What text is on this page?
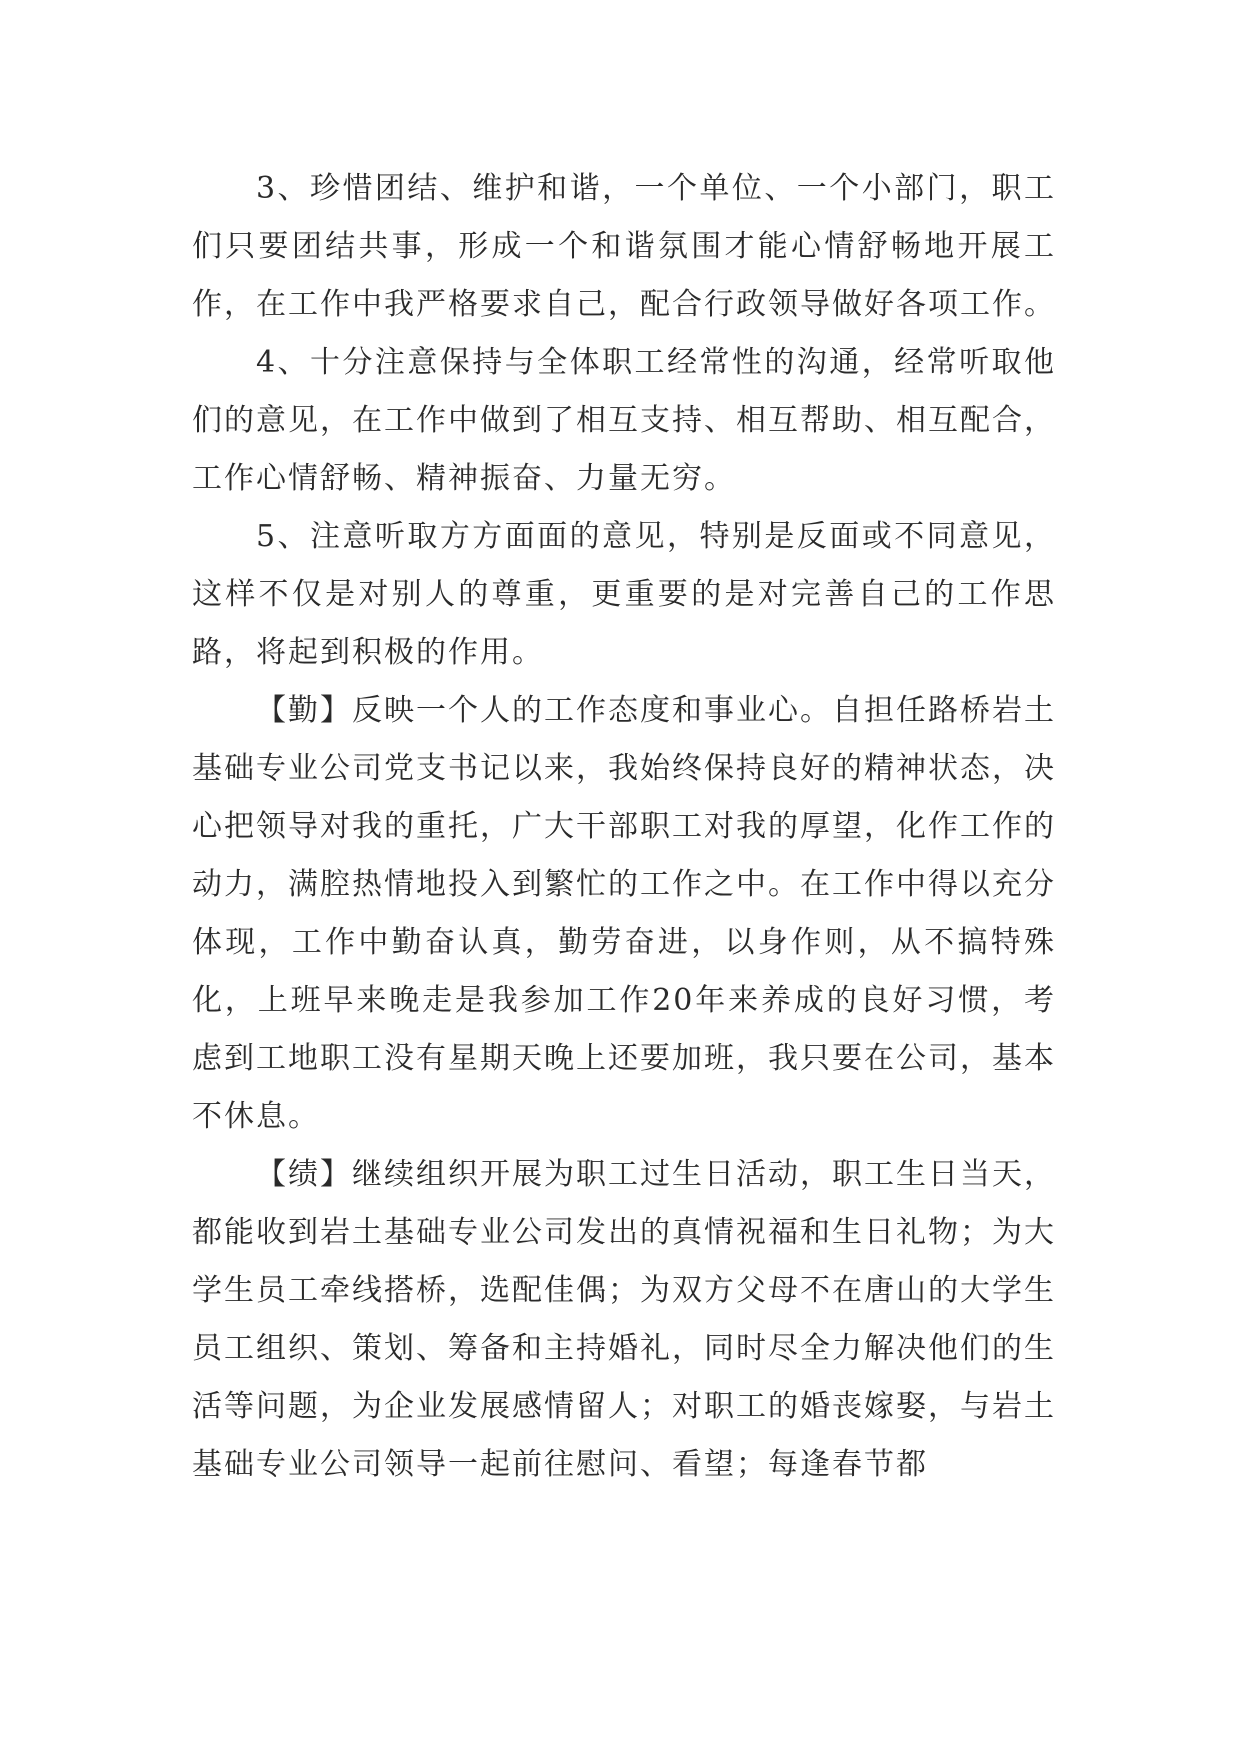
3、珍惜团结、维护和谐，一个单位、一个小部门，职工们只要团结共事，形成一个和谐氛围才能心情舒畅地开展工作，在工作中我严格要求自己，配合行政领导做好各项工作。

4、十分注意保持与全体职工经常性的沟通，经常听取他们的意见，在工作中做到了相互支持、相互帮助、相互配合，工作心情舒畅、精神振奋、力量无穷。

5、注意听取方方面面的意见，特别是反面或不同意见，这样不仅是对别人的尊重，更重要的是对完善自己的工作思路，将起到积极的作用。

【勤】反映一个人的工作态度和事业心。自担任路桥岩土基础专业公司党支书记以来，我始终保持良好的精神状态，决心把领导对我的重托，广大干部职工对我的厚望，化作工作的动力，满腔热情地投入到繁忙的工作之中。在工作中得以充分体现，工作中勤奋认真，勤劳奋进，以身作则，从不搞特殊化，上班早来晚走是我参加工作20年来养成的良好习惯，考虑到工地职工没有星期天晚上还要加班，我只要在公司，基本不休息。

【绩】继续组织开展为职工过生日活动，职工生日当天，都能收到岩土基础专业公司发出的真情祝福和生日礼物；为大学生员工牵线搭桥，选配佳偶；为双方父母不在唐山的大学生员工组织、策划、筹备和主持婚礼，同时尽全力解决他们的生活等问题，为企业发展感情留人；对职工的婚丧嫁娶，与岩土基础专业公司领导一起前往慰问、看望；每逢春节都
